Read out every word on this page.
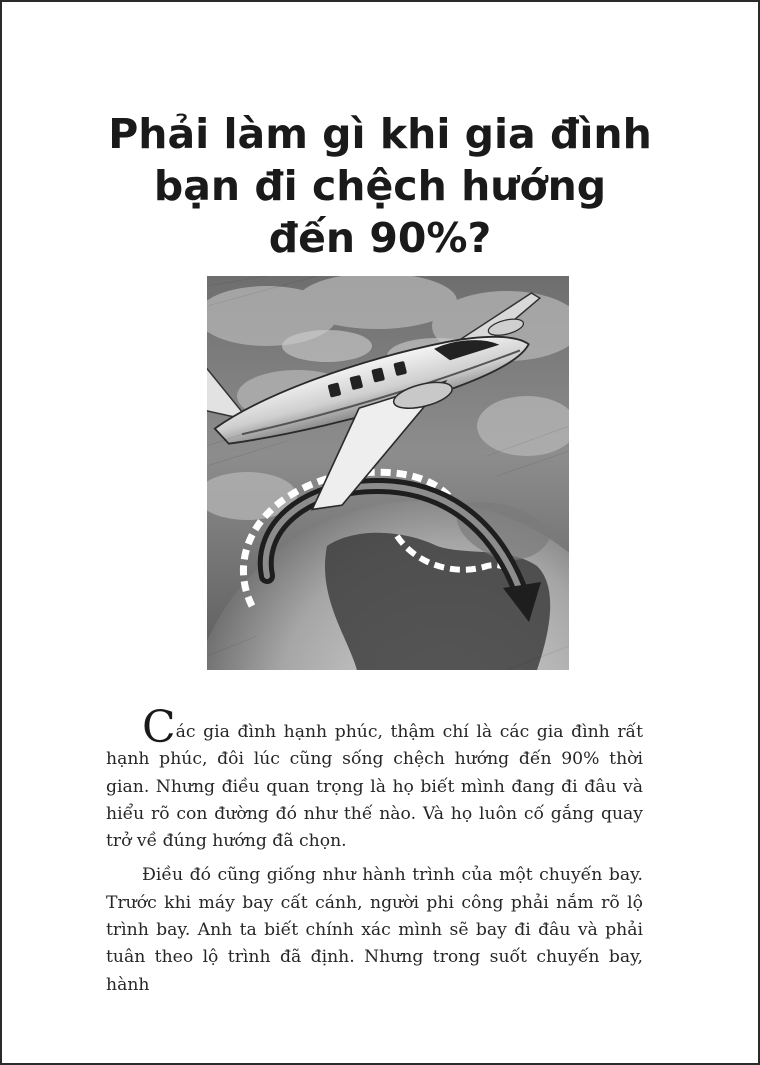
Phải làm gì khi gia đình
bạn đi chệch hướng
đến 90%?

Các gia đình hạnh phúc, thậm chí là các gia đình rất hạnh phúc, đôi lúc cũng sống chệch hướng đến 90% thời gian. Nhưng điều quan trọng là họ biết mình đang đi đâu và hiểu rõ con đường đó như thế nào. Và họ luôn cố gắng quay trở về đúng hướng đã chọn.

Điều đó cũng giống như hành trình của một chuyến bay. Trước khi máy bay cất cánh, người phi công phải nắm rõ lộ trình bay. Anh ta biết chính xác mình sẽ bay đi đâu và phải tuân theo lộ trình đã định. Nhưng trong suốt chuyến bay, hành
